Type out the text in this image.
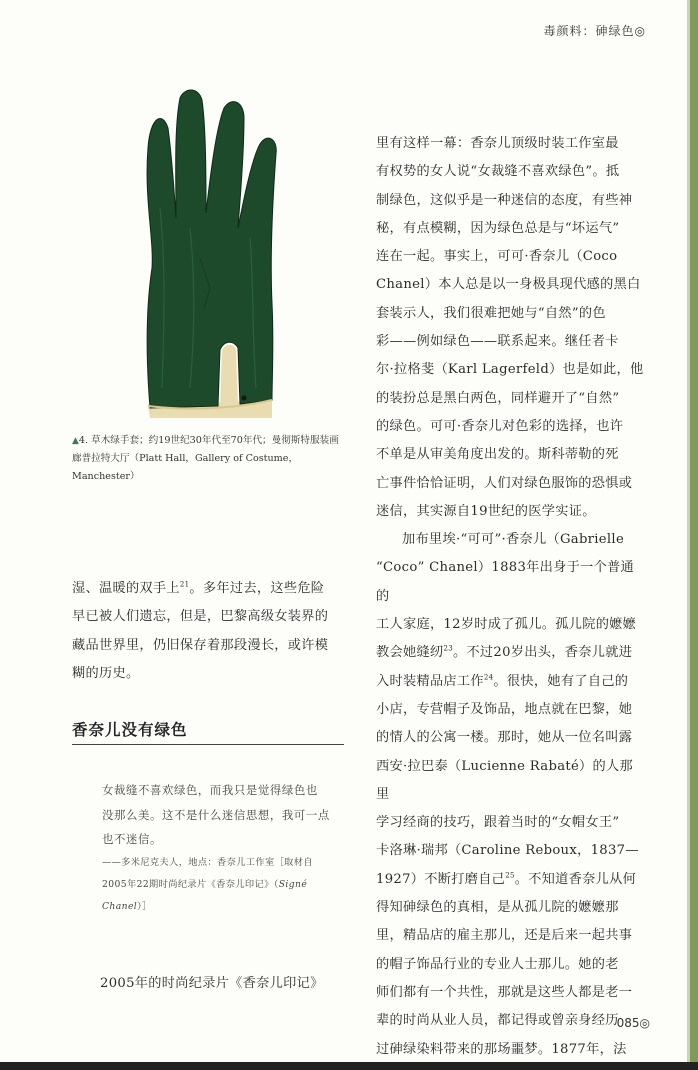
毒颜料：砷绿色◎
▲4. 草木绿手套；约19世纪30年代至70年代；曼彻斯特服装画廊普拉特大厅（Platt Hall，Gallery of Costume，Manchester）

里有这样一幕：香奈儿顶级时装工作室最
有权势的女人说“女裁缝不喜欢绿色”。抵
制绿色，这似乎是一种迷信的态度，有些神
秘，有点模糊，因为绿色总是与“坏运气”
连在一起。事实上，可可·香奈儿（Coco
Chanel）本人总是以一身极具现代感的黑白
套装示人，我们很难把她与“自然”的色
彩——例如绿色——联系起来。继任者卡
尔·拉格斐（Karl Lagerfeld）也是如此，他
的装扮总是黑白两色，同样避开了“自然”
的绿色。可可·香奈儿对色彩的选择，也许
不单是从审美角度出发的。斯科蒂勒的死
亡事件恰恰证明，人们对绿色服饰的恐惧或
迷信，其实源自19世纪的医学实证。

加布里埃·“可可”·香奈儿（Gabrielle
“Coco” Chanel）1883年出身于一个普通的
工人家庭，12岁时成了孤儿。孤儿院的嬷嬷
教会她缝纫$^{23}$。不过20岁出头，香奈儿就进
入时装精品店工作$^{24}$。很快，她有了自己的
小店，专营帽子及饰品，地点就在巴黎，她
的情人的公寓一楼。那时，她从一位名叫露
西安·拉巴泰（Lucienne Rabaté）的人那里
学习经商的技巧，跟着当时的“女帽女王”
卡洛琳·瑞邦（Caroline Reboux，1837—
1927）不断打磨自己$^{25}$。不知道香奈儿从何
得知砷绿色的真相，是从孤儿院的嬷嬷那
里，精品店的雇主那儿，还是后来一起共事
的帽子饰品行业的专业人士那儿。她的老
师们都有一个共性，那就是这些人都是老一
辈的时尚从业人员，都记得或曾亲身经历
过砷绿染料带来的那场噩梦。1877年，法

湿、温暖的双手上$^{21}$。多年过去，这些危险
早已被人们遗忘，但是，巴黎高级女装界的
藏品世界里，仍旧保存着那段漫长，或许模
糊的历史。
香奈儿没有绿色
女裁缝不喜欢绿色，而我只是觉得绿色也
没那么美。这不是什么迷信思想，我可一点
也不迷信。
——多米尼克夫人，地点：香奈儿工作室［取材自
2005年22期时尚纪录片《香奈儿印记》（Signé
Chanel）］
2005年的时尚纪录片《香奈儿印记》
085◎
